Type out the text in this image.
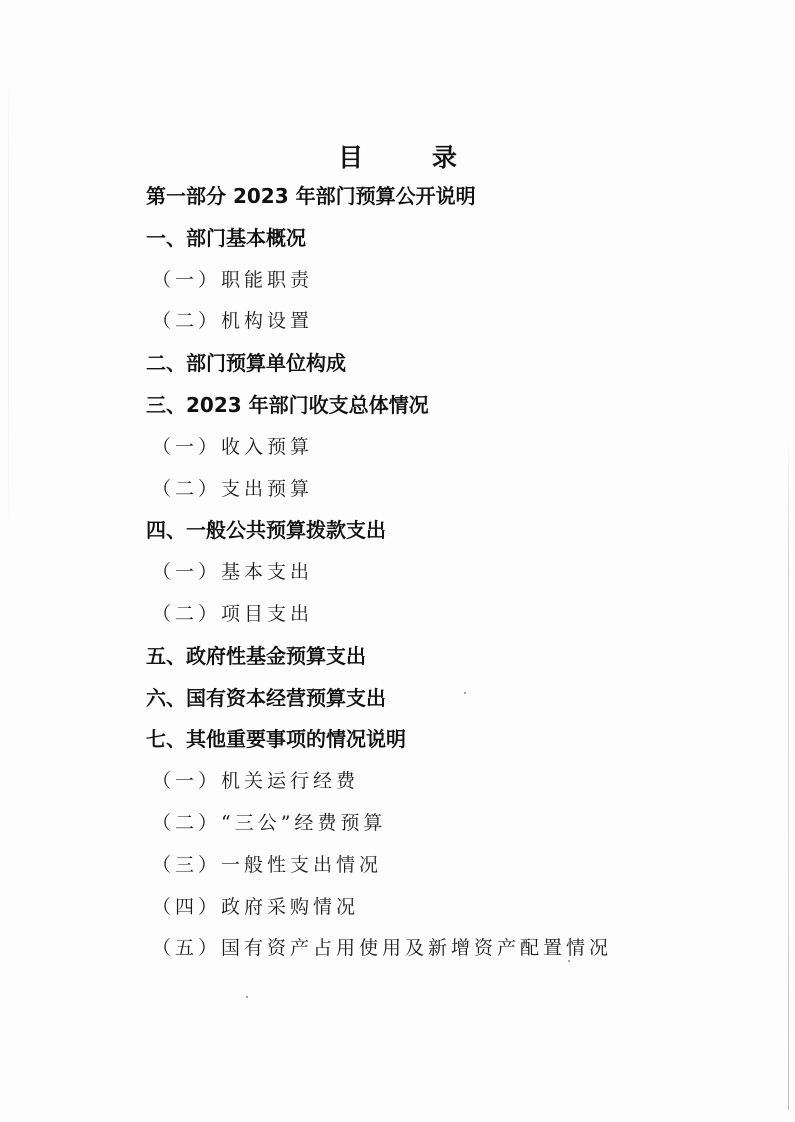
目 录
第一部分 2023 年部门预算公开说明
一、部门基本概况
（一）职能职责
（二）机构设置
二、部门预算单位构成
三、2023 年部门收支总体情况
（一）收入预算
（二）支出预算
四、一般公共预算拨款支出
（一）基本支出
（二）项目支出
五、政府性基金预算支出
六、国有资本经营预算支出
七、其他重要事项的情况说明
（一）机关运行经费
（二）“三公”经费预算
（三）一般性支出情况
（四）政府采购情况
（五）国有资产占用使用及新增资产配置情况
